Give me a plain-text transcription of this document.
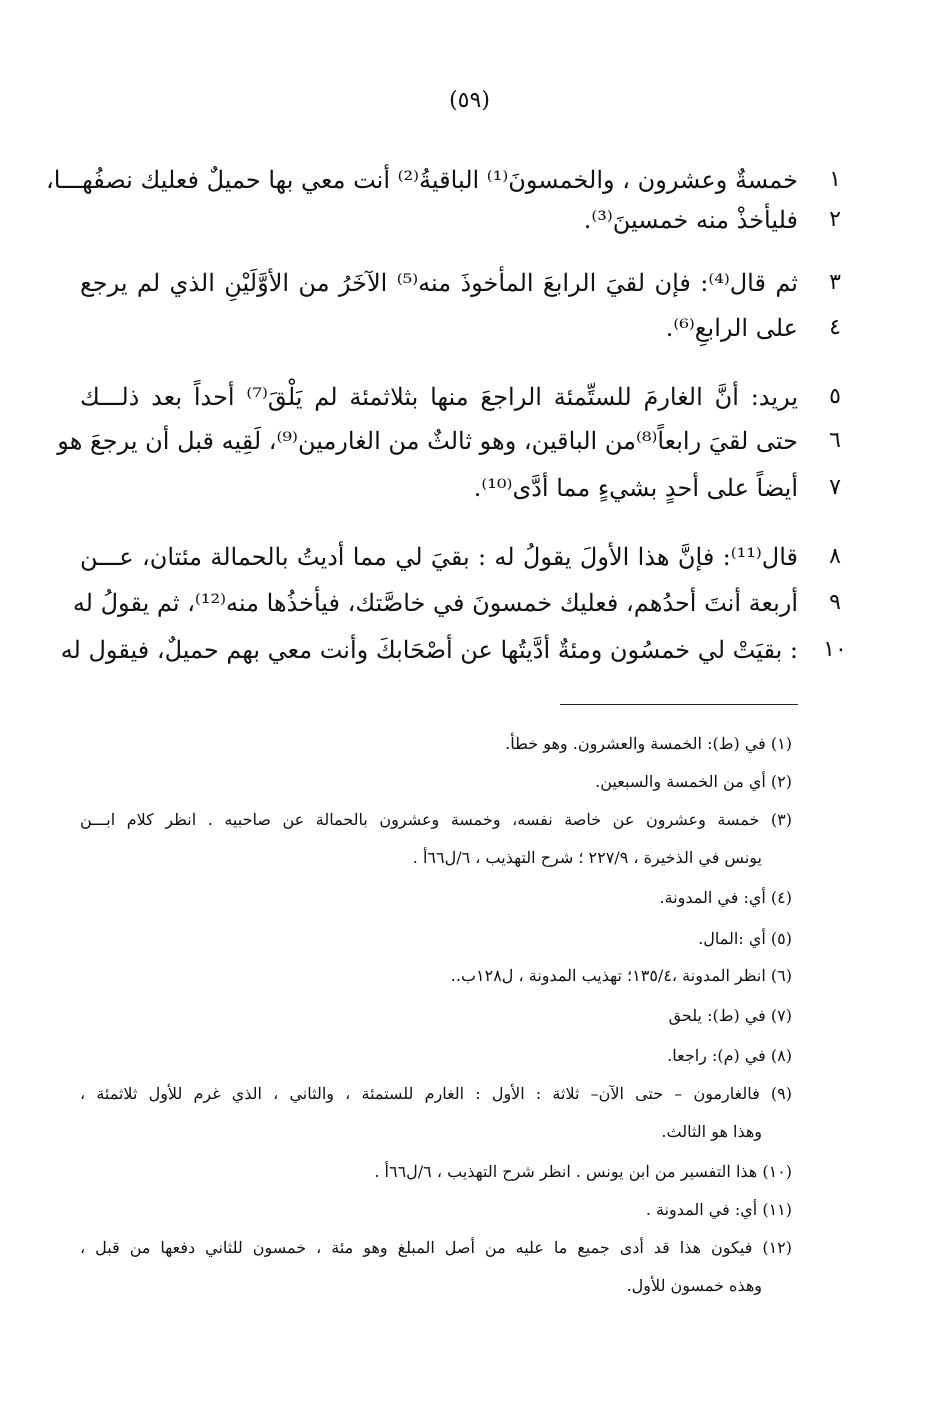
(٥٩)
خمسةٌ وعشرون ، والخمسونَ⁽¹⁾ الباقيةُ⁽²⁾ أنت معي بها حميلٌ فعليك نصفُهـــا،	١
فليأخذْ منه خمسينَ⁽³⁾.	٢
ثم قال⁽⁴⁾: فإن لقيَ الرابعَ المأخوذَ منه⁽⁵⁾ الآخَرُ من الأوَّلَيْنِ الذي لم يرجع	٣
على الرابعِ⁽⁶⁾.	٤
يريد: أنَّ الغارمَ للستِّمئة الراجعَ منها بثلاثمئة لم يَلْقَ⁽⁷⁾ أحداً بعد ذلـــك	٥
حتى لقيَ رابعاً⁽⁸⁾من الباقين، وهو ثالثٌ من الغارمين⁽⁹⁾، لَقِيه قبل أن يرجعَ هو	٦
أيضاً على أحدٍ بشيءٍ مما أدَّى⁽¹⁰⁾.	٧
قال⁽¹¹⁾: فإنَّ هذا الأولَ يقولُ له : بقيَ لي مما أديتُ بالحمالة مئتان، عـــن	٨
أربعة أنتَ أحدُهم، فعليك خمسونَ في خاصَّتك، فيأخذُها منه⁽¹²⁾، ثم يقولُ له	٩
: بقيَتْ لي خمسُون ومئةٌ أدَّيتُها عن أصْحَابكَ وأنت معي بهم حميلٌ، فيقول له ١٠
(١) في (ط): الخمسة والعشرون. وهو خطأ.
(٢) أي من الخمسة والسبعين.
(٣) خمسة وعشرون عن خاصة نفسه، وخمسة وعشرون بالحمالة عن صاحبيه . انظر كلام ابـــن
يونس في الذخيرة ، ٢٢٧/٩ ؛ شرح التهذيب ، ٦/ل٦٦أ .
(٤) أي: في المدونة.
(٥) أي :المال.
(٦) انظر المدونة ،١٣٥/٤؛ تهذيب المدونة ، ل١٢٨ب..
(٧) في (ط): يلحق
(٨) في (م): راجعا.
(٩) فالغارمون – حتى الآن– ثلاثة : الأول : الغارم للستمئة ، والثاني ، الذي غرم للأول ثلاثمئة ،
وهذا هو الثالث.
(١٠) هذا التفسير من ابن يونس . انظر شرح التهذيب ، ٦/ل٦٦أ .
(١١) أي: في المدونة .
(١٢) فيكون هذا قد أدى جميع ما عليه من أصل المبلغ وهو مئة ، خمسون للثاني دفعها من قبل ،
وهذه خمسون للأول.
